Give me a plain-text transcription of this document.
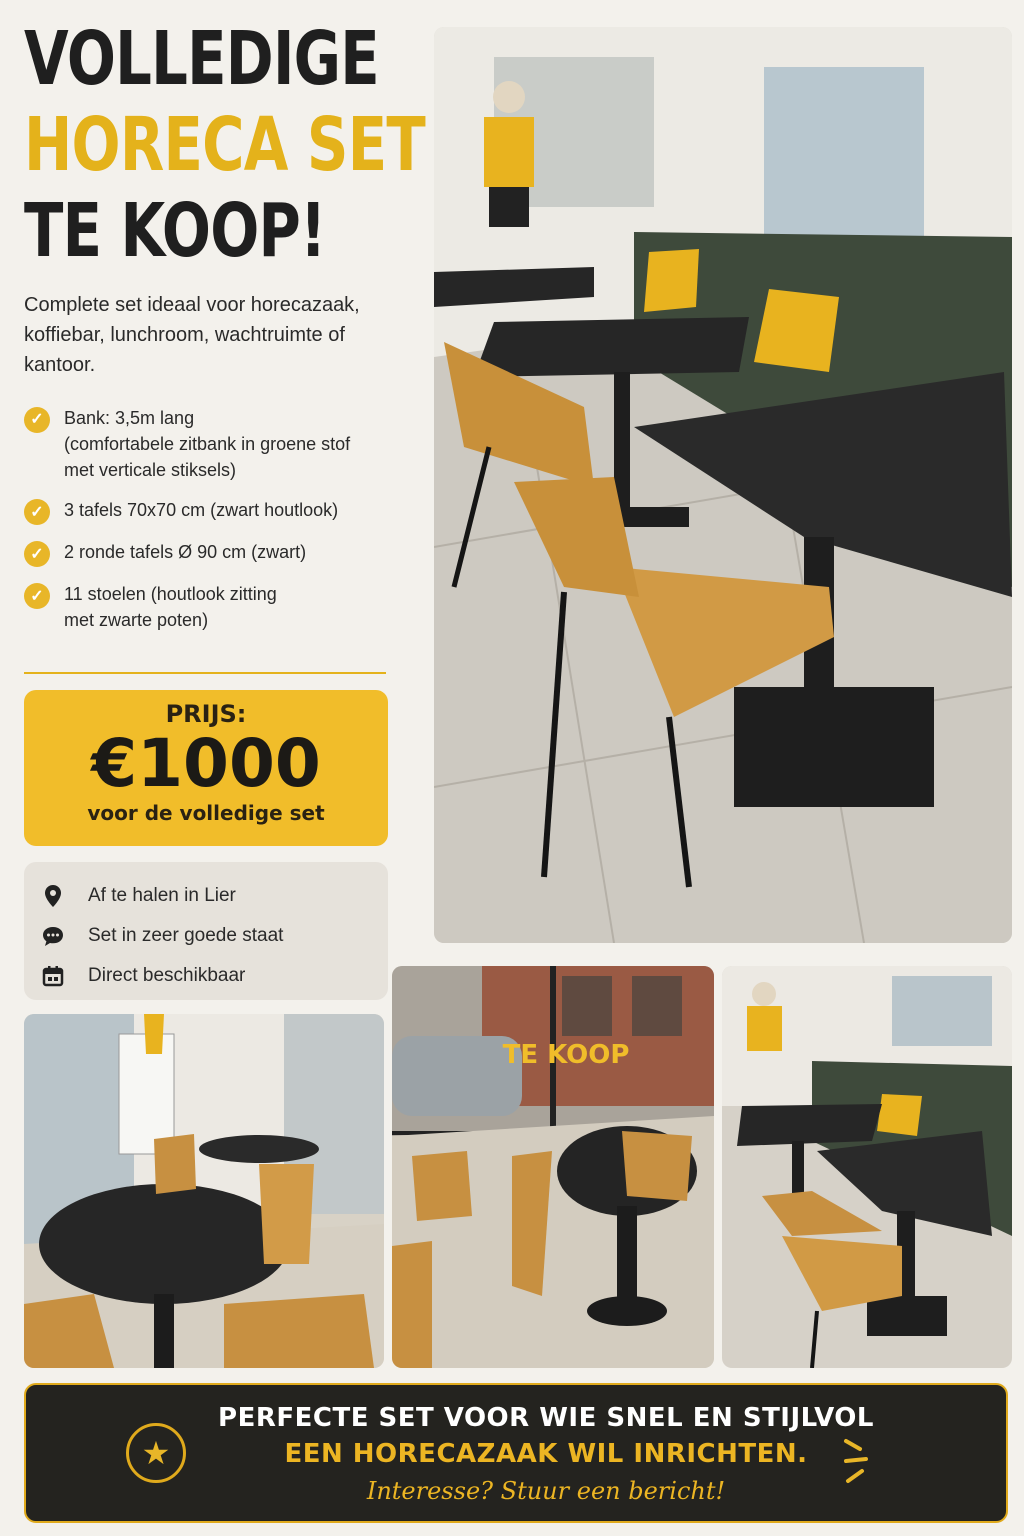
VOLLEDIGE
HORECA SET
TE KOOP!

Complete set ideaal voor horecazaak, koffiebar, lunchroom, wachtruimte of kantoor.

✓	Bank: 3,5m lang
(comfortabele zitbank in groene stof
met verticale stiksels)
✓	3 tafels 70x70 cm (zwart houtlook)
✓	2 ronde tafels Ø 90 cm (zwart)
✓	11 stoelen (houtlook zitting
met zwarte poten)
PRIJS:
€1000
voor de volledige set
Af te halen in Lier
Set in zeer goede staat
Direct beschikbaar
TE KOOP
★
PERFECTE SET VOOR WIE SNEL EN STIJLVOL
EEN HORECAZAAK WIL INRICHTEN.
Interesse? Stuur een bericht!
